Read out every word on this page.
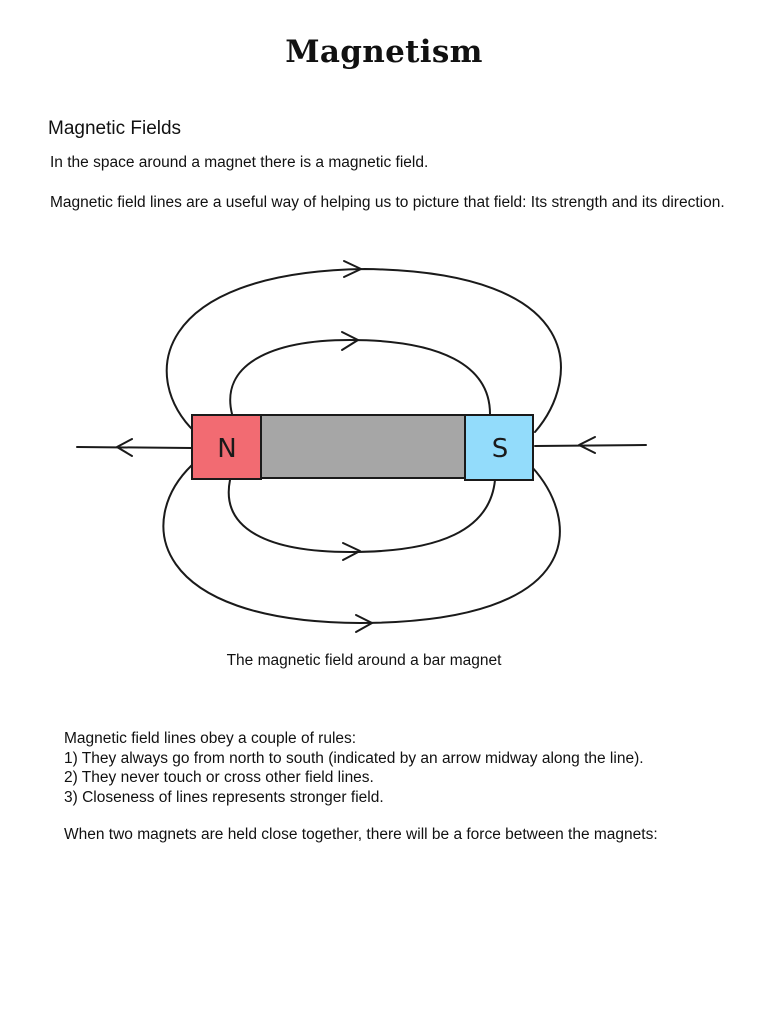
Magnetism
Magnetic Fields
In the space around a magnet there is a magnetic field.
Magnetic field lines are a useful way of helping us to picture that field: Its strength and its direction.
N	S
The magnetic field around a bar magnet
Magnetic field lines obey a couple of rules:
1) They always go from north to south (indicated by an arrow midway along the line).
2) They never touch or cross other field lines.
3) Closeness of lines represents stronger field.
When two magnets are held close together, there will be a force between the magnets:
